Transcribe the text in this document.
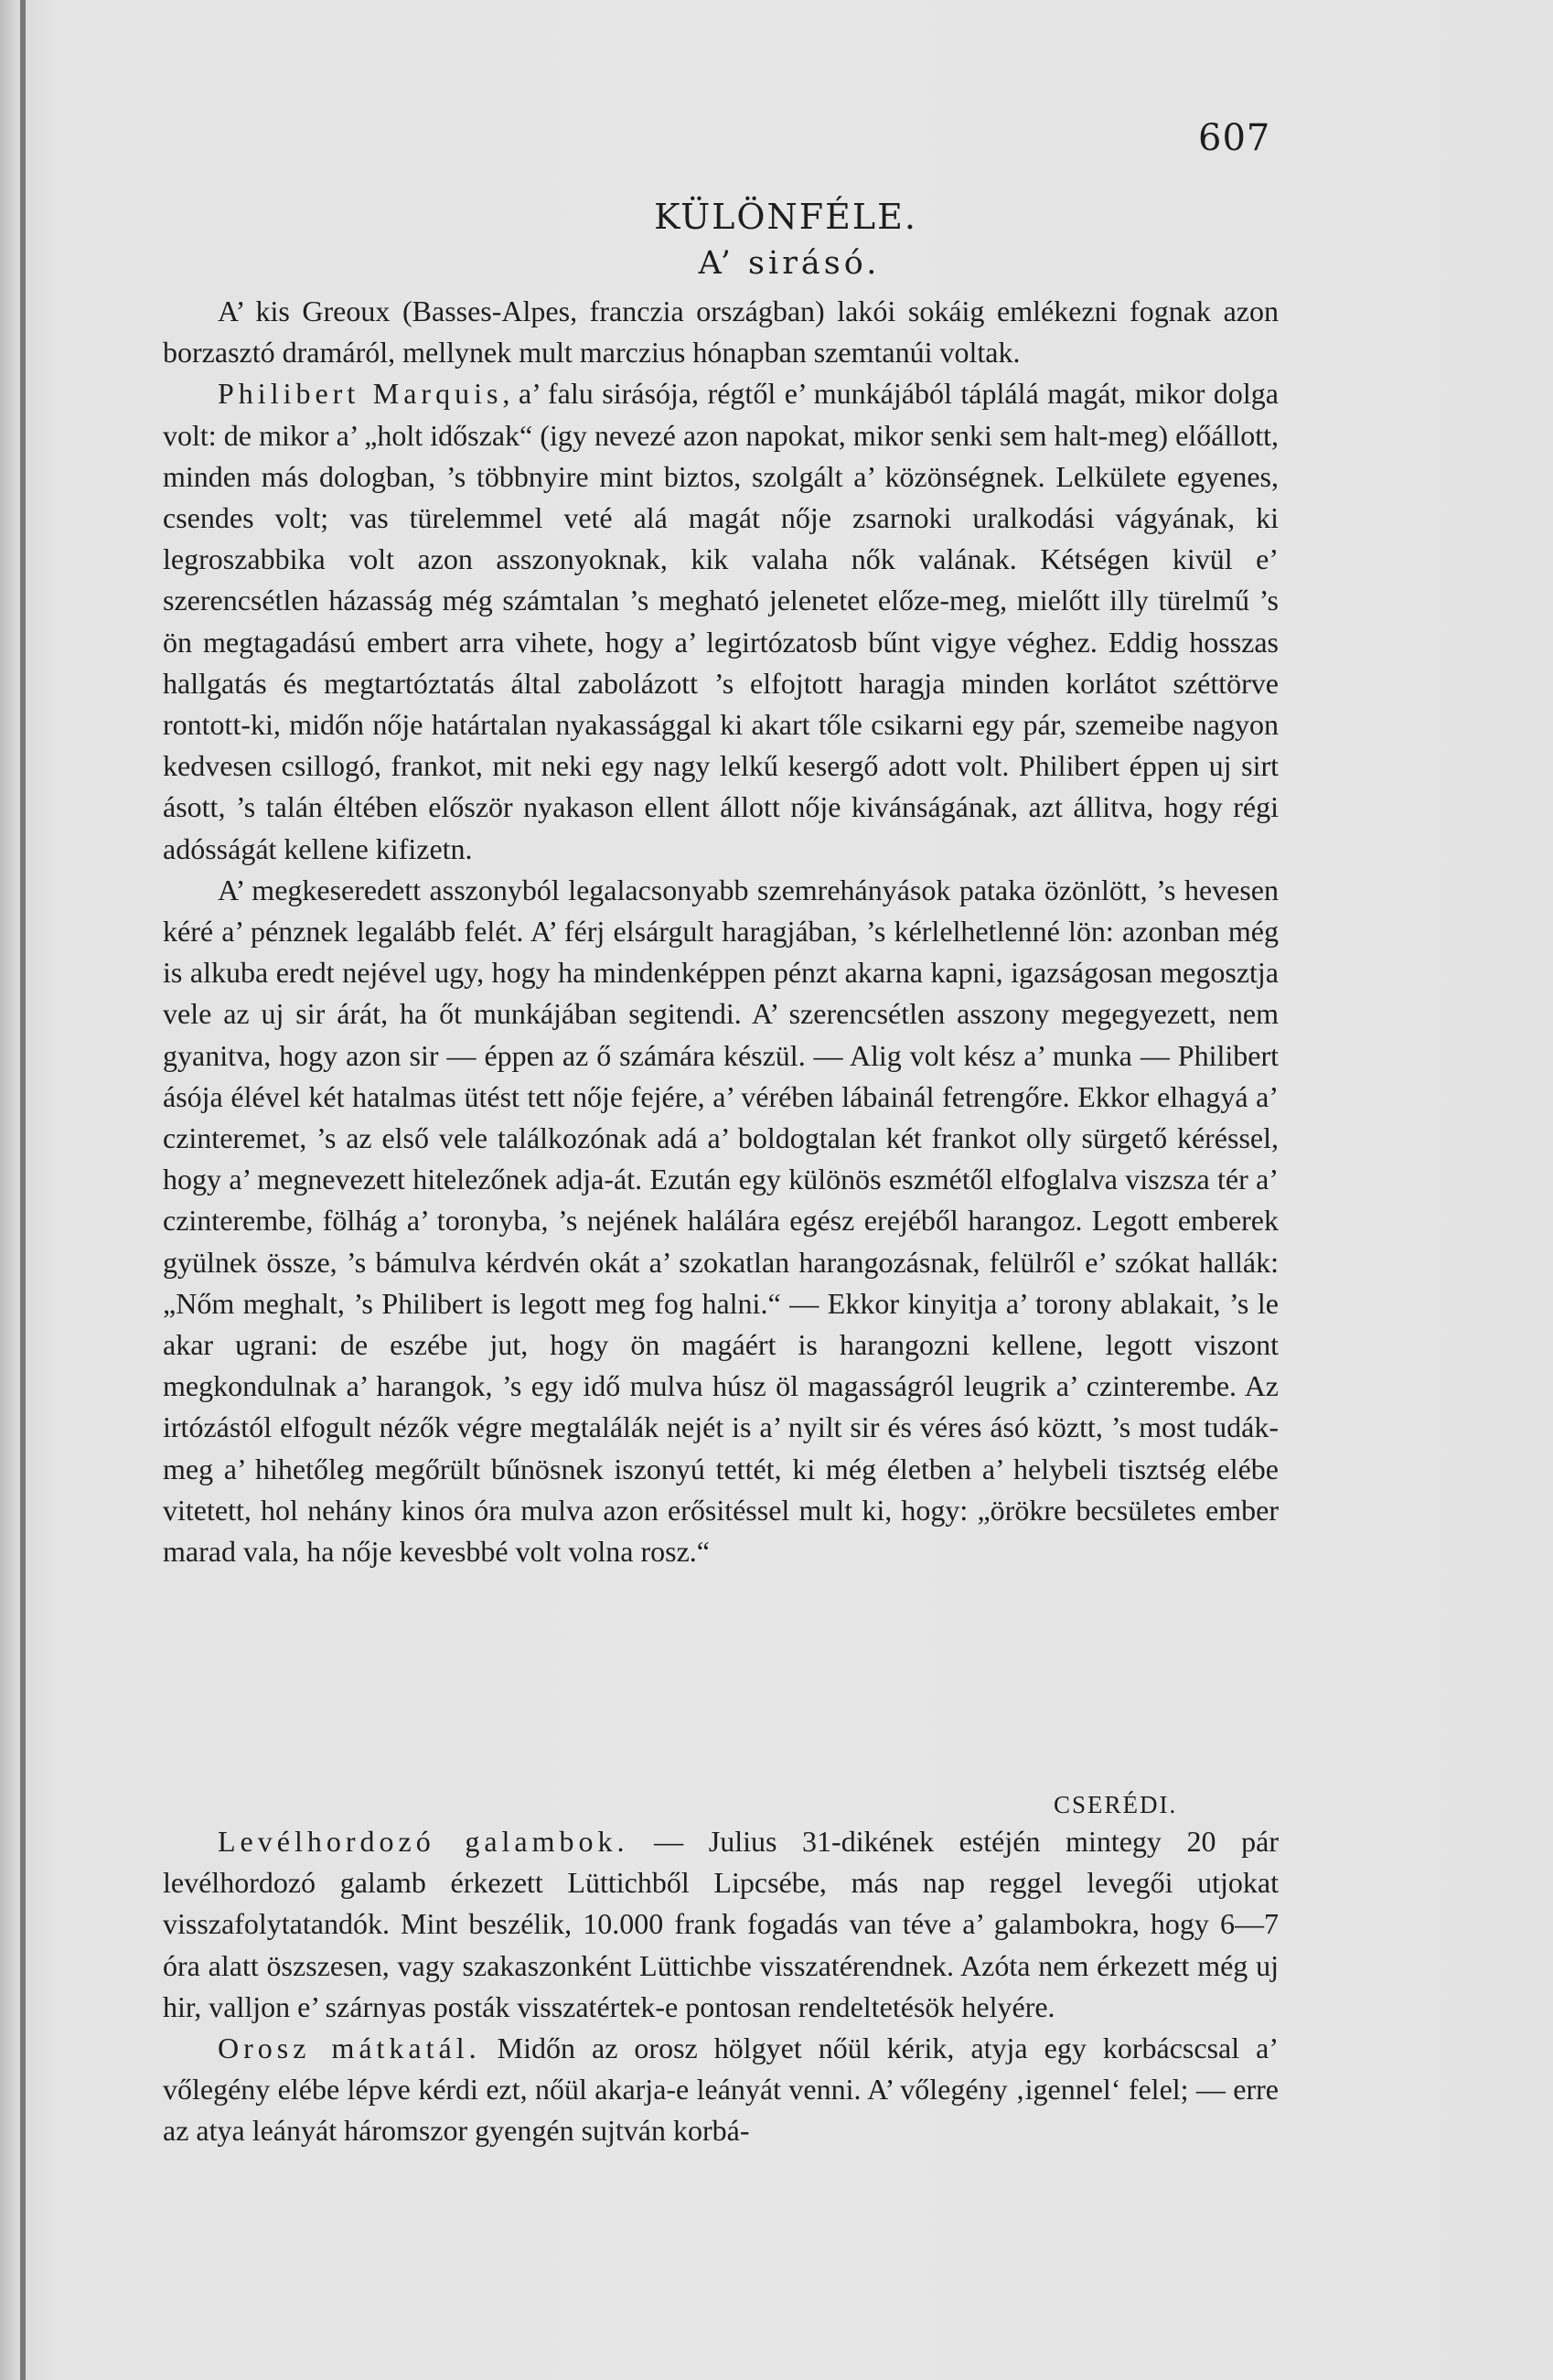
607
KÜLÖNFÉLE.
A’ sirásó.

A’ kis Greoux (Basses-Alpes, franczia országban) lakói sokáig emlékezni fognak azon borzasztó dramáról, mellynek mult marczius hónapban szemtanúi voltak.

Philibert Marquis, a’ falu sirásója, régtől e’ munkájából táplálá magát, mikor dolga volt: de mikor a’ „holt időszak“ (igy nevezé azon napokat, mikor senki sem halt-meg) előállott, minden más dologban, ’s többnyire mint biztos, szolgált a’ közönségnek. Lelkülete egyenes, csendes volt; vas türelemmel veté alá magát nője zsarnoki uralkodási vágyának, ki legroszabbika volt azon asszonyoknak, kik valaha nők valának. Kétségen kivül e’ szerencsétlen házasság még számtalan ’s megható jelenetet előze-meg, mielőtt illy türelmű ’s ön megtagadású embert arra vihete, hogy a’ legirtózatosb bűnt vigye véghez. Eddig hosszas hallgatás és megtartóztatás által zabolázott ’s elfojtott haragja minden korlátot széttörve rontott-ki, midőn nője határtalan nyakassággal ki akart tőle csikarni egy pár, szemeibe nagyon kedvesen csillogó, frankot, mit neki egy nagy lelkű kesergő adott volt. Philibert éppen uj sirt ásott, ’s talán éltében először nyakason ellent állott nője kivánságának, azt állitva, hogy régi adósságát kellene kifizetn.

A’ megkeseredett asszonyból legalacsonyabb szemrehányások pataka özönlött, ’s hevesen kéré a’ pénznek legalább felét. A’ férj elsárgult haragjában, ’s kérlelhetlenné lön: azonban még is alkuba eredt nejével ugy, hogy ha mindenképpen pénzt akarna kapni, igazságosan megosztja vele az uj sir árát, ha őt munkájában segitendi. A’ szerencsétlen asszony megegyezett, nem gyanitva, hogy azon sir — éppen az ő számára készül. — Alig volt kész a’ munka — Philibert ásója élével két hatalmas ütést tett nője fejére, a’ vérében lábainál fetrengőre. Ekkor elhagyá a’ czinteremet, ’s az első vele találkozónak adá a’ boldogtalan két frankot olly sürgető kéréssel, hogy a’ megnevezett hitelezőnek adja-át. Ezután egy különös eszmétől elfoglalva viszsza tér a’ czinterembe, fölhág a’ toronyba, ’s nejének halálára egész erejéből harangoz. Legott emberek gyülnek össze, ’s bámulva kérdvén okát a’ szokatlan harangozásnak, felülről e’ szókat hallák: „Nőm meghalt, ’s Philibert is legott meg fog halni.“ — Ekkor kinyitja a’ torony ablakait, ’s le akar ugrani: de eszébe jut, hogy ön magáért is harangozni kellene, legott viszont megkondulnak a’ harangok, ’s egy idő mulva húsz öl magasságról leugrik a’ czinterembe. Az irtózástól elfogult nézők végre megtalálák nejét is a’ nyilt sir és véres ásó köztt, ’s most tudák-meg a’ hihetőleg megőrült bűnösnek iszonyú tettét, ki még életben a’ helybeli tisztség elébe vitetett, hol nehány kinos óra mulva azon erősitéssel mult ki, hogy: „örökre becsületes ember marad vala, ha nője kevesbbé volt volna rosz.“

CSERÉDI.

Levélhordozó galambok. — Julius 31-dikének estéjén mintegy 20 pár levélhordozó galamb érkezett Lüttichből Lipcsébe, más nap reggel levegői utjokat visszafolytatandók. Mint beszélik, 10.000 frank fogadás van téve a’ galambokra, hogy 6—7 óra alatt öszszesen, vagy szakaszonként Lüttichbe visszatérendnek. Azóta nem érkezett még uj hir, valljon e’ szárnyas posták visszatértek-e pontosan rendeltetésök helyére.

Orosz mátkatál. Midőn az orosz hölgyet nőül kérik, atyja egy korbácscsal a’ vőlegény elébe lépve kérdi ezt, nőül akarja-e leányát venni. A’ vőlegény ‚igennel‘ felel; — erre az atya leányát háromszor gyengén sujtván korbá-
